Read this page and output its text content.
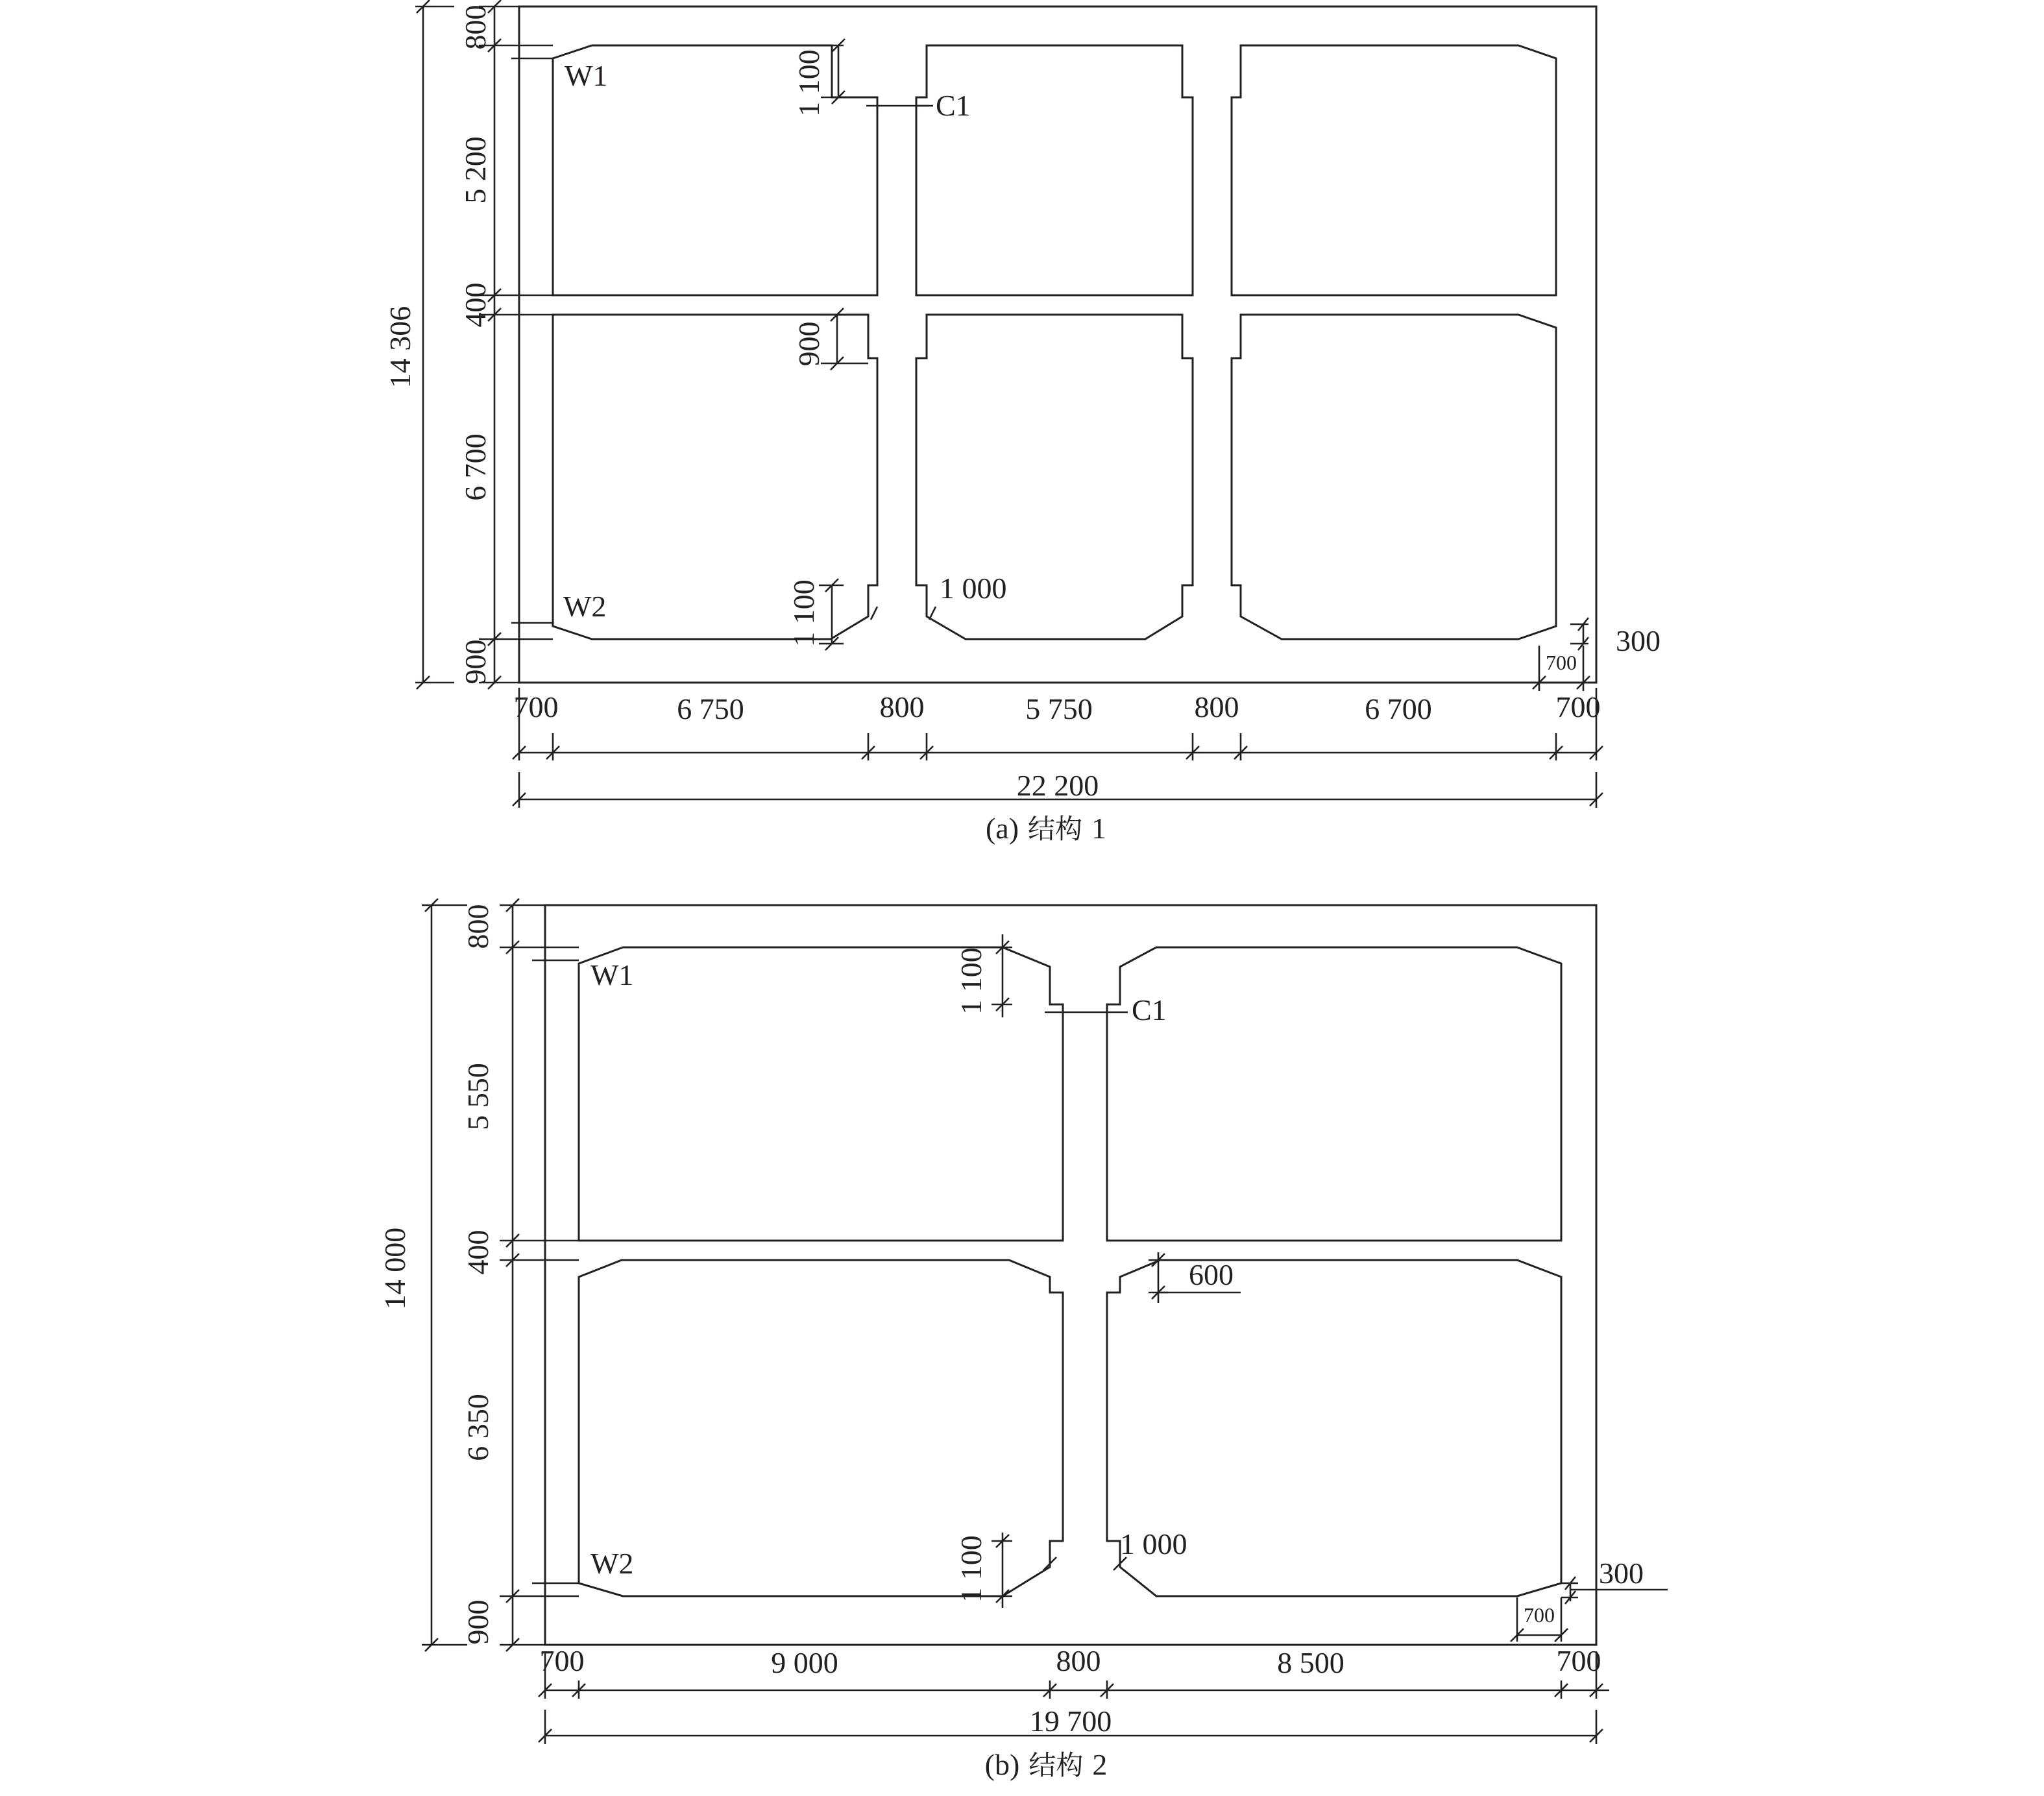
W1
W2
C1
800
5 200
400
6 700
900
14 306
1 100
900
1 100	1 000
300
700
700	6 750	800	5 750	800	6 700	700
22 200
(a) 结构 1
W1
W2
C1
800
5 550
400
6 350
900
14 000
1 100
600
1 100	1 000
300
700
700	9 000	800	8 500	700
19 700
(b) 结构 2
